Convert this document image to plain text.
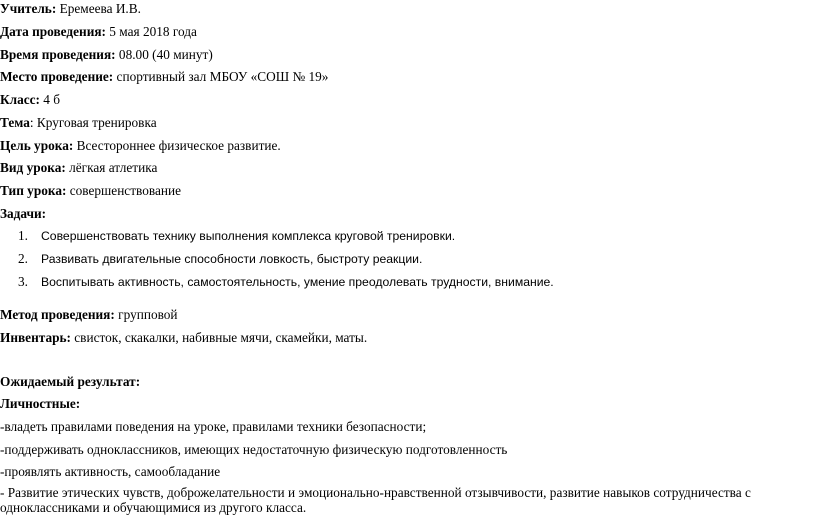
Учитель: Еремеева И.В.
Дата проведения: 5 мая 2018 года
Время проведения: 08.00 (40 минут)
Место проведение: спортивный зал МБОУ «СОШ № 19»
Класс: 4 б
Тема: Круговая тренировка
Цель урока: Всестороннее физическое развитие.
Вид урока: лёгкая атлетика
Тип урока: совершенствование
Задачи:
1. Совершенствовать технику выполнения комплекса круговой тренировки.
2. Развивать двигательные способности ловкость, быстроту реакции.
3. Воспитывать активность, самостоятельность, умение преодолевать трудности, внимание.
Метод проведения: групповой
Инвентарь: свисток, скакалки, набивные мячи, скамейки, маты.
Ожидаемый результат:
Личностные:
-владеть правилами поведения на уроке, правилами техники безопасности;
-поддерживать одноклассников, имеющих недостаточную физическую подготовленность
-проявлять активность, самообладание
- Развитие этических чувств, доброжелательности и эмоционально-нравственной отзывчивости, развитие навыков сотрудничества с одноклассниками и обучающимися из другого класса.
